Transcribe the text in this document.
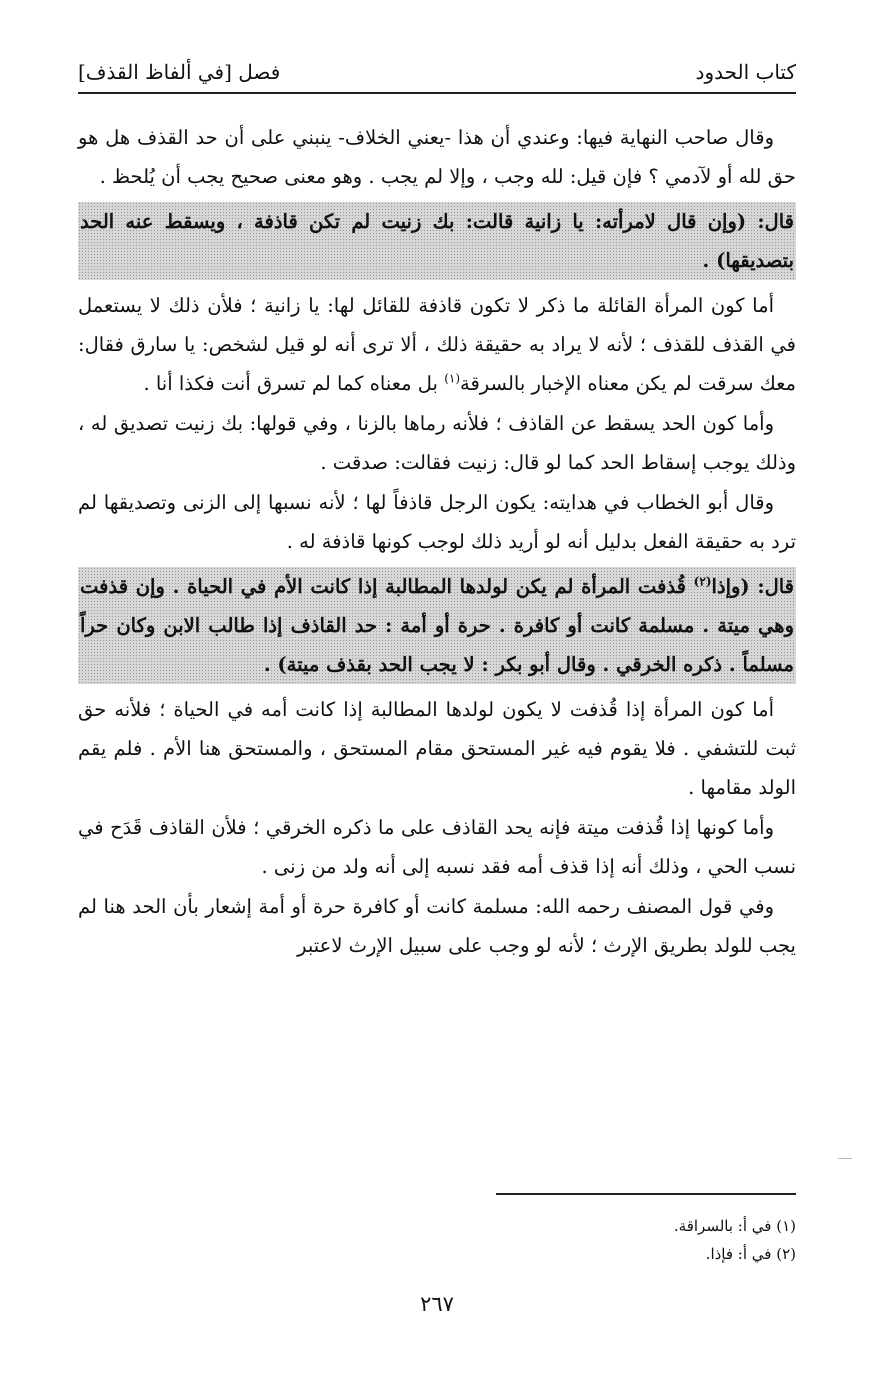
كتاب الحدود
فصل [في ألفاظ القذف]

وقال صاحب النهاية فيها: وعندي أن هذا -يعني الخلاف- ينبني على أن حد القذف هل هو حق لله أو لآدمي ؟ فإن قيل: لله وجب ، وإلا لم يجب . وهو معنى صحيح يجب أن يُلحظ .

قال: (وإن قال لامرأته: يا زانية قالت: بك زنيت لم تكن قاذفة ، ويسقط عنه الحد بتصديقها) .

أما كون المرأة القائلة ما ذكر لا تكون قاذفة للقائل لها: يا زانية ؛ فلأن ذلك لا يستعمل في القذف للقذف ؛ لأنه لا يراد به حقيقة ذلك ، ألا ترى أنه لو قيل لشخص: يا سارق فقال: معك سرقت لم يكن معناه الإخبار بالسرقة$^{(١)}$ بل معناه كما لم تسرق أنت فكذا أنا .

وأما كون الحد يسقط عن القاذف ؛ فلأنه رماها بالزنا ، وفي قولها: بك زنيت تصديق له ، وذلك يوجب إسقاط الحد كما لو قال: زنيت فقالت: صدقت .

وقال أبو الخطاب في هدايته: يكون الرجل قاذفاً لها ؛ لأنه نسبها إلى الزنى وتصديقها لم ترد به حقيقة الفعل بدليل أنه لو أريد ذلك لوجب كونها قاذفة له .

قال: (وإذا$^{(٢)}$ قُذفت المرأة لم يكن لولدها المطالبة إذا كانت الأم في الحياة . وإن قذفت وهي ميتة . مسلمة كانت أو كافرة . حرة أو أمة : حد القاذف إذا طالب الابن وكان حراً مسلماً . ذكره الخرقي . وقال أبو بكر : لا يجب الحد بقذف ميتة) .

أما كون المرأة إذا قُذفت لا يكون لولدها المطالبة إذا كانت أمه في الحياة ؛ فلأنه حق ثبت للتشفي . فلا يقوم فيه غير المستحق مقام المستحق ، والمستحق هنا الأم . فلم يقم الولد مقامها .

وأما كونها إذا قُذفت ميتة فإنه يحد القاذف على ما ذكره الخرقي ؛ فلأن القاذف قَدَح في نسب الحي ، وذلك أنه إذا قذف أمه فقد نسبه إلى أنه ولد من زنى .

وفي قول المصنف رحمه الله: مسلمة كانت أو كافرة حرة أو أمة إشعار بأن الحد هنا لم يجب للولد بطريق الإرث ؛ لأنه لو وجب على سبيل الإرث لاعتبر

(١) في أ: بالسراقة.
(٢) في أ: فإذا.
٢٦٧
